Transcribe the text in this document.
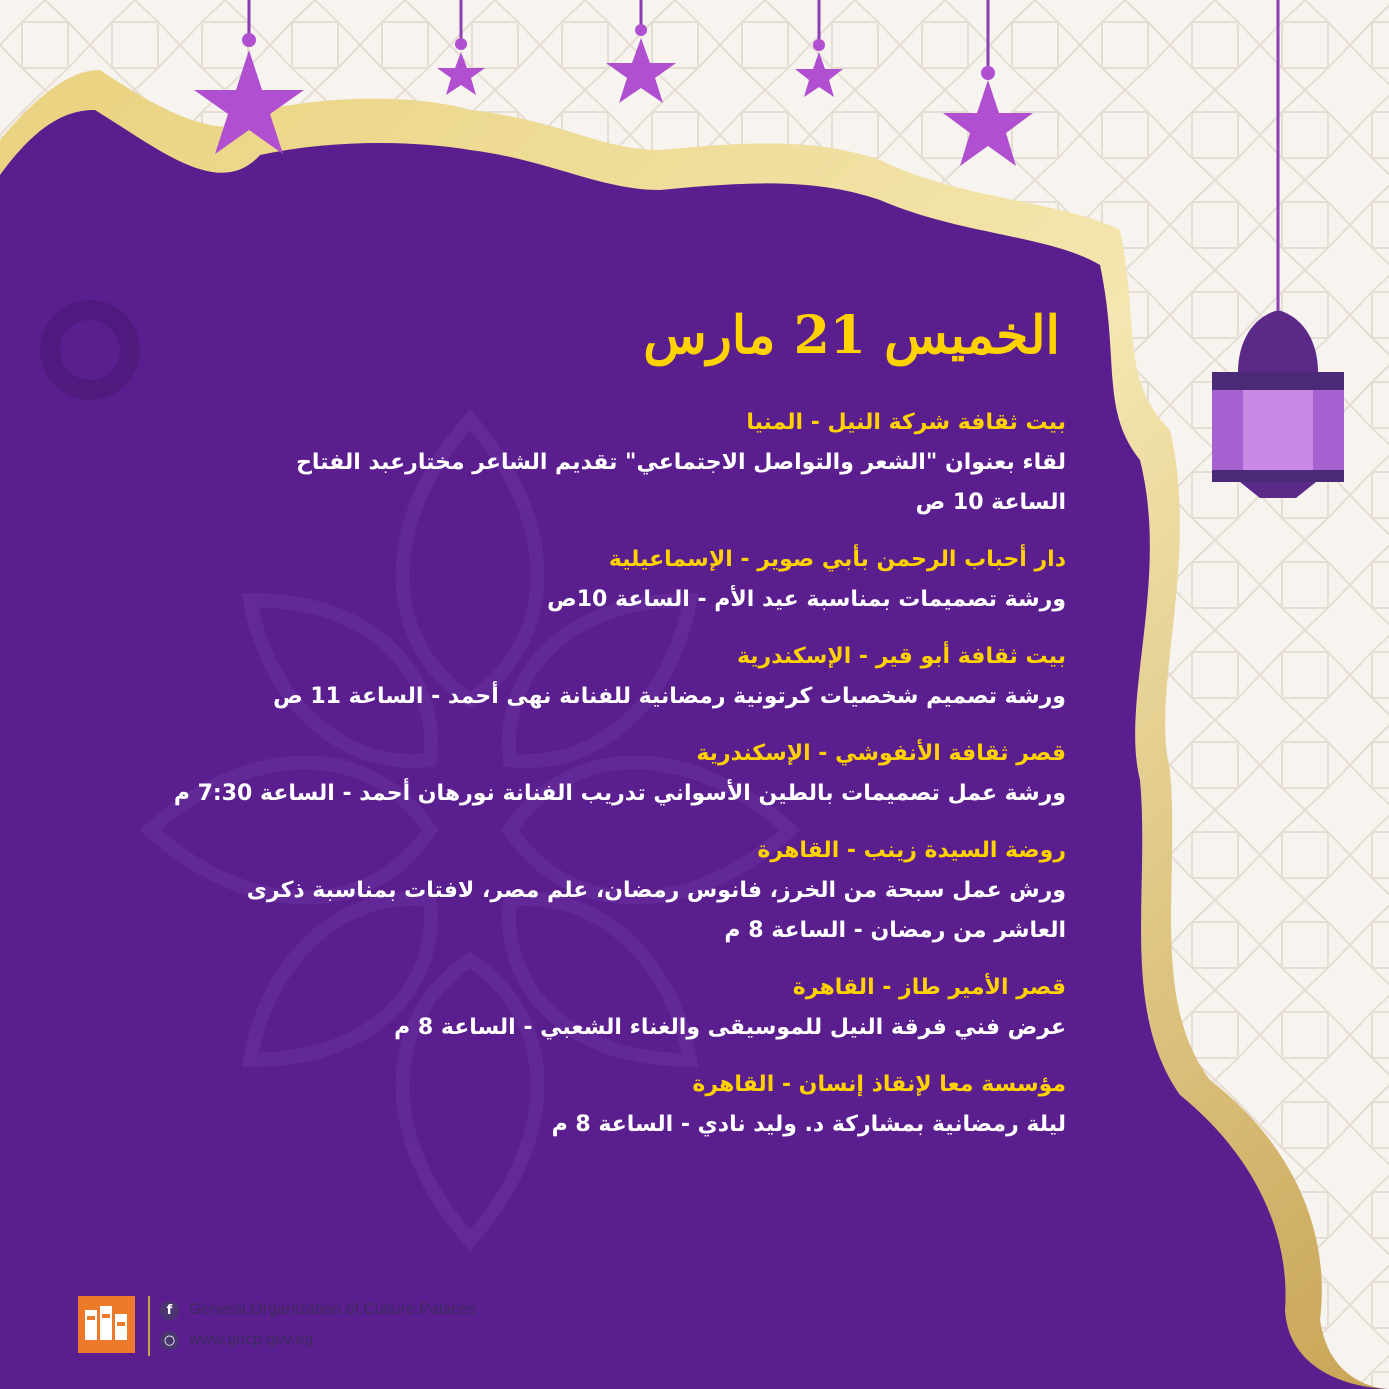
الخميس 21 مارس
بيت ثقافة شركة النيل - المنيا
لقاء بعنوان "الشعر والتواصل الاجتماعي" تقديم الشاعر مختارعبد الفتاح
الساعة 10 ص
دار أحباب الرحمن بأبي صوير - الإسماعيلية
ورشة تصميمات بمناسبة عيد الأم - الساعة 10ص
بيت ثقافة أبو قير - الإسكندرية
ورشة تصميم شخصيات كرتونية رمضانية للفنانة نهى أحمد - الساعة 11 ص
قصر ثقافة الأنفوشي - الإسكندرية
ورشة عمل تصميمات بالطين الأسواني تدريب الفنانة نورهان أحمد - الساعة 7:30 م
روضة السيدة زينب - القاهرة
ورش عمل سبحة من الخرز، فانوس رمضان، علم مصر، لافتات بمناسبة ذكرى
العاشر من رمضان - الساعة 8 م
قصر الأمير طاز - القاهرة
عرض فني فرقة النيل للموسيقى والغناء الشعبي - الساعة 8 م
مؤسسة معا لإنقاذ إنسان - القاهرة
ليلة رمضانية بمشاركة د. وليد نادي - الساعة 8 م
f	General.Organization.of.Culture.Palaces
○ www.gocp.gov.eg
